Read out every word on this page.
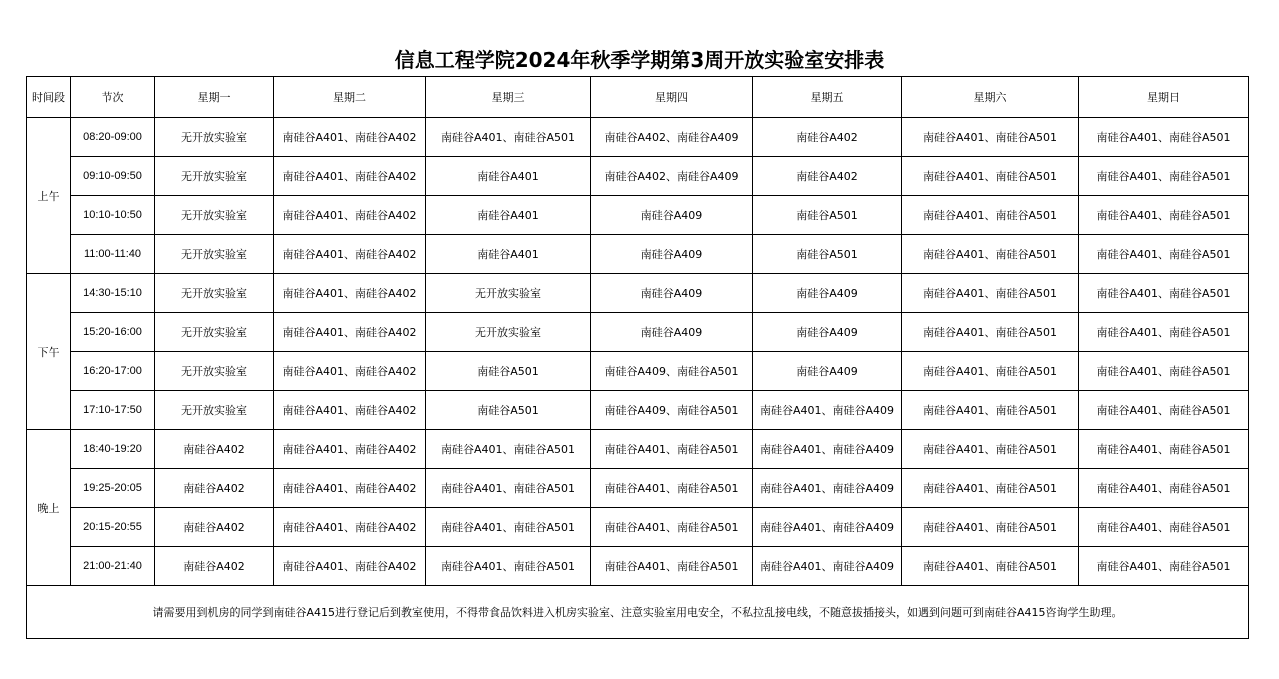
信息工程学院2024年秋季学期第3周开放实验室安排表
时间段	节次	星期一	星期二	星期三	星期四	星期五	星期六	星期日
上午	08:20-09:00	无开放实验室	南硅谷A401、南硅谷A402	南硅谷A401、南硅谷A501	南硅谷A402、南硅谷A409	南硅谷A402	南硅谷A401、南硅谷A501	南硅谷A401、南硅谷A501
	09:10-09:50	无开放实验室	南硅谷A401、南硅谷A402	南硅谷A401	南硅谷A402、南硅谷A409	南硅谷A402	南硅谷A401、南硅谷A501	南硅谷A401、南硅谷A501
	10:10-10:50	无开放实验室	南硅谷A401、南硅谷A402	南硅谷A401	南硅谷A409	南硅谷A501	南硅谷A401、南硅谷A501	南硅谷A401、南硅谷A501
	11:00-11:40	无开放实验室	南硅谷A401、南硅谷A402	南硅谷A401	南硅谷A409	南硅谷A501	南硅谷A401、南硅谷A501	南硅谷A401、南硅谷A501
下午	14:30-15:10	无开放实验室	南硅谷A401、南硅谷A402	无开放实验室	南硅谷A409	南硅谷A409	南硅谷A401、南硅谷A501	南硅谷A401、南硅谷A501
	15:20-16:00	无开放实验室	南硅谷A401、南硅谷A402	无开放实验室	南硅谷A409	南硅谷A409	南硅谷A401、南硅谷A501	南硅谷A401、南硅谷A501
	16:20-17:00	无开放实验室	南硅谷A401、南硅谷A402	南硅谷A501	南硅谷A409、南硅谷A501	南硅谷A409	南硅谷A401、南硅谷A501	南硅谷A401、南硅谷A501
	17:10-17:50	无开放实验室	南硅谷A401、南硅谷A402	南硅谷A501	南硅谷A409、南硅谷A501	南硅谷A401、南硅谷A409	南硅谷A401、南硅谷A501	南硅谷A401、南硅谷A501
晚上	18:40-19:20	南硅谷A402	南硅谷A401、南硅谷A402	南硅谷A401、南硅谷A501	南硅谷A401、南硅谷A501	南硅谷A401、南硅谷A409	南硅谷A401、南硅谷A501	南硅谷A401、南硅谷A501
	19:25-20:05	南硅谷A402	南硅谷A401、南硅谷A402	南硅谷A401、南硅谷A501	南硅谷A401、南硅谷A501	南硅谷A401、南硅谷A409	南硅谷A401、南硅谷A501	南硅谷A401、南硅谷A501
	20:15-20:55	南硅谷A402	南硅谷A401、南硅谷A402	南硅谷A401、南硅谷A501	南硅谷A401、南硅谷A501	南硅谷A401、南硅谷A409	南硅谷A401、南硅谷A501	南硅谷A401、南硅谷A501
	21:00-21:40	南硅谷A402	南硅谷A401、南硅谷A402	南硅谷A401、南硅谷A501	南硅谷A401、南硅谷A501	南硅谷A401、南硅谷A409	南硅谷A401、南硅谷A501	南硅谷A401、南硅谷A501
请需要用到机房的同学到南硅谷A415进行登记后到教室使用，不得带食品饮料进入机房实验室、注意实验室用电安全，不私拉乱接电线，不随意拔插接头，如遇到问题可到南硅谷A415咨询学生助理。								
